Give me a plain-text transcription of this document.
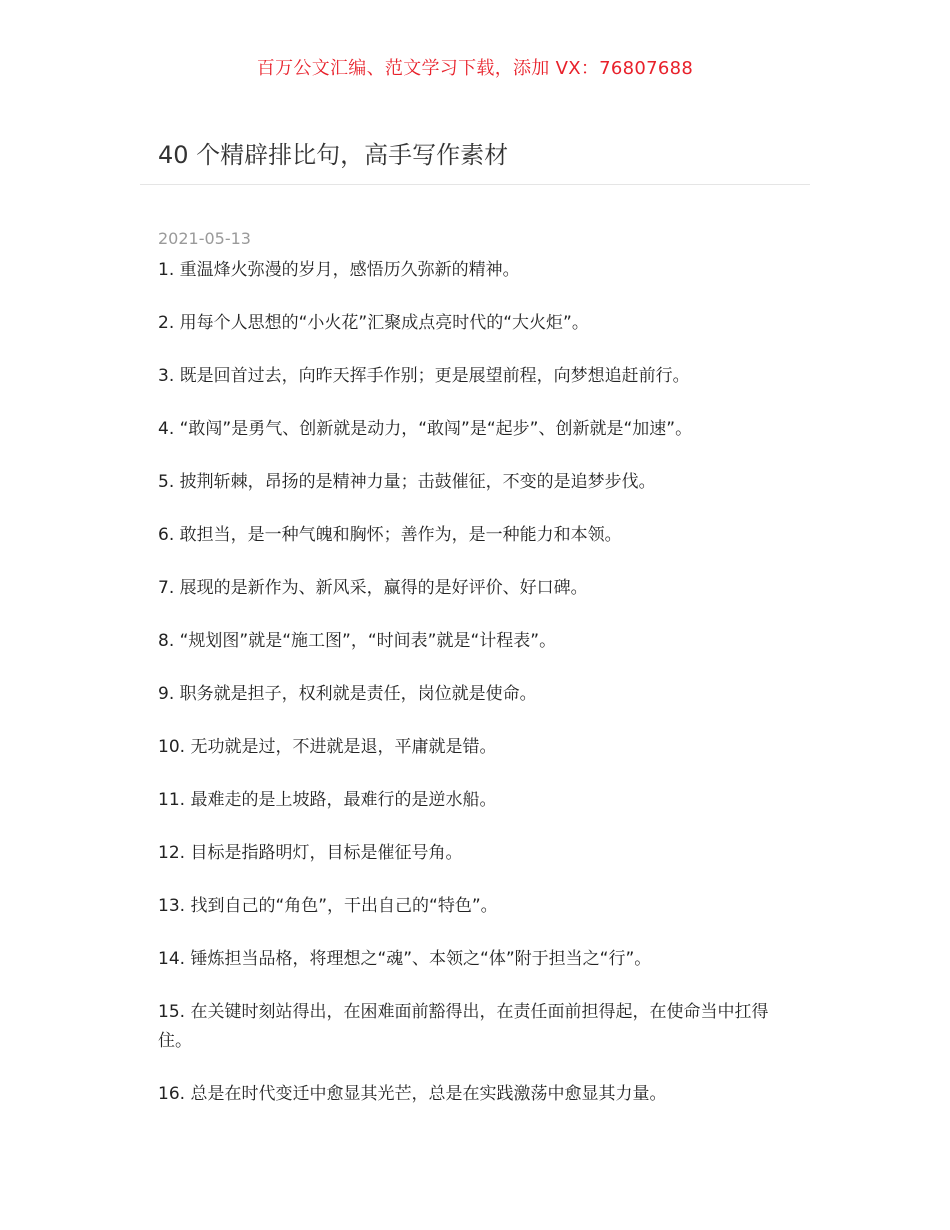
百万公文汇编、范文学习下载，添加 VX：76807688
40 个精辟排比句，高手写作素材
2021-05-13
1. 重温烽火弥漫的岁月，感悟历久弥新的精神。
2. 用每个人思想的“小火花”汇聚成点亮时代的“大火炬”。
3. 既是回首过去，向昨天挥手作别；更是展望前程，向梦想追赶前行。
4. “敢闯”是勇气、创新就是动力，“敢闯”是“起步”、创新就是“加速”。
5. 披荆斩棘，昂扬的是精神力量；击鼓催征，不变的是追梦步伐。
6. 敢担当，是一种气魄和胸怀；善作为，是一种能力和本领。
7. 展现的是新作为、新风采，赢得的是好评价、好口碑。
8. “规划图”就是“施工图”，“时间表”就是“计程表”。
9. 职务就是担子，权利就是责任，岗位就是使命。
10. 无功就是过，不进就是退，平庸就是错。
11. 最难走的是上坡路，最难行的是逆水船。
12. 目标是指路明灯，目标是催征号角。
13. 找到自己的“角色”，干出自己的“特色”。
14. 锤炼担当品格，将理想之“魂”、本领之“体”附于担当之“行”。
15. 在关键时刻站得出，在困难面前豁得出，在责任面前担得起，在使命当中扛得住。
16. 总是在时代变迁中愈显其光芒，总是在实践激荡中愈显其力量。
